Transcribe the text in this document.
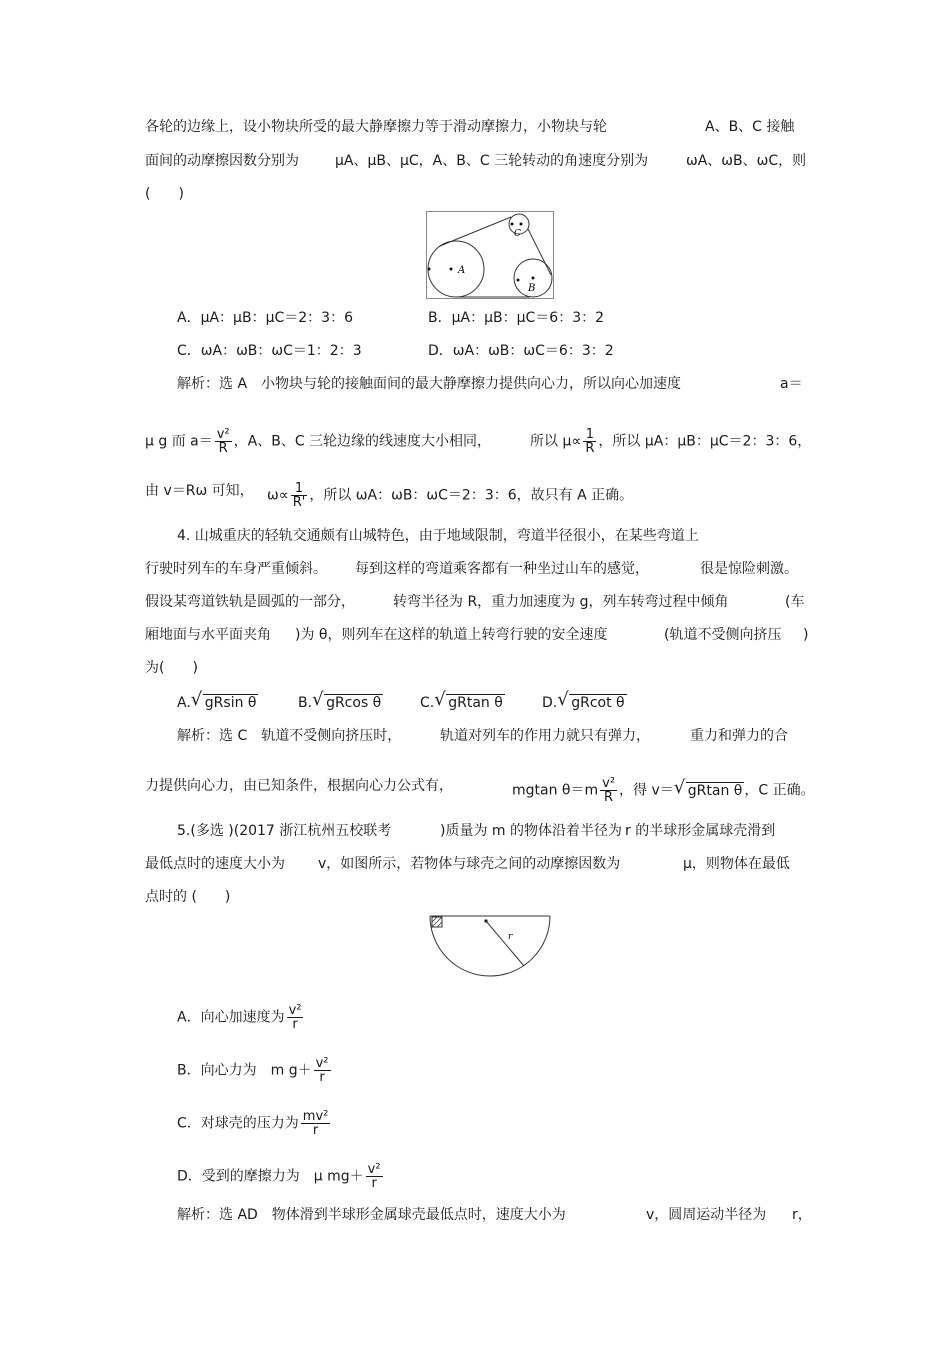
各轮的边缘上，设小物块所受的最大静摩擦力等于滑动摩擦力，小物块与轮	A、B、C 接触
面间的动摩擦因数分别为	μA、μB、μC，A、B、C 三轮转动的角速度分别为	ωA、ωB、ωC，则
(　　)
A
B
C
A．μA：μB：μC＝2：3：6	B．μA：μB：μC＝6：3：2
C．ωA：ωB：ωC＝1：2：3	D．ωA：ωB：ωC＝6：3：2
解析：选 A　小物块与轮的接触面间的最大静摩擦力提供向心力，所以向心加速度	a＝
μ g 而 $a= \frac{\text{v²}}{R}$ ，A、B、C 三轮边缘的线速度大小相同，	所以 $\mu\propto \frac{1}{R}$ ，所以 μA：μB：μC＝2：3：6，
由 v＝Rω 可知， $\omega\propto \frac{1}{R'}$ ，所以 ωA：ωB：ωC＝2：3：6，故只有 A 正确。
4. 山城重庆的轻轨交通颇有山城特色，由于地域限制，弯道半径很小，在某些弯道上
行驶时列车的车身严重倾斜。 每到这样的弯道乘客都有一种坐过山车的感觉，	很是惊险刺激。
假设某弯道铁轨是圆弧的一部分，	转弯半径为 R，重力加速度为 g，列车转弯过程中倾角	(车
厢地面与水平面夹角 )为 θ，则列车在这样的轨道上转弯行驶的安全速度	(轨道不受侧向挤压 )
为(　　)
A. √ gRsin θ	B. √ gRcos θ	C. √ gRtan θ	D. √ gRcot θ
解析：选 C　轨道不受侧向挤压时，	轨道对列车的作用力就只有弹力，	重力和弹力的合
力提供向心力，由已知条件，根据向心力公式有，	mgtan $\theta=m \frac{\text{v²}}{R}$ ，得 v＝ √ gRtan θ ，C 正确。
5.(多选 )(2017 浙江杭州五校联考	)质量为 m 的物体沿着半径为 r 的半球形金属球壳滑到
最低点时的速度大小为 v，如图所示，若物体与球壳之间的动摩擦因数为	μ，则物体在最低
点时的 (　　)
r
A．向心加速度为 $\frac{\text{v²}}{r}$
B．向心力为　m $g+ \frac{\text{v²}}{r}$
C．对球壳的压力为 $\frac{\text{mv²}}{r}$
D．受到的摩擦力为　μ $mg+ \frac{\text{v²}}{r}$
解析：选 AD　物体滑到半球形金属球壳最低点时，速度大小为	v，圆周运动半径为 r，
